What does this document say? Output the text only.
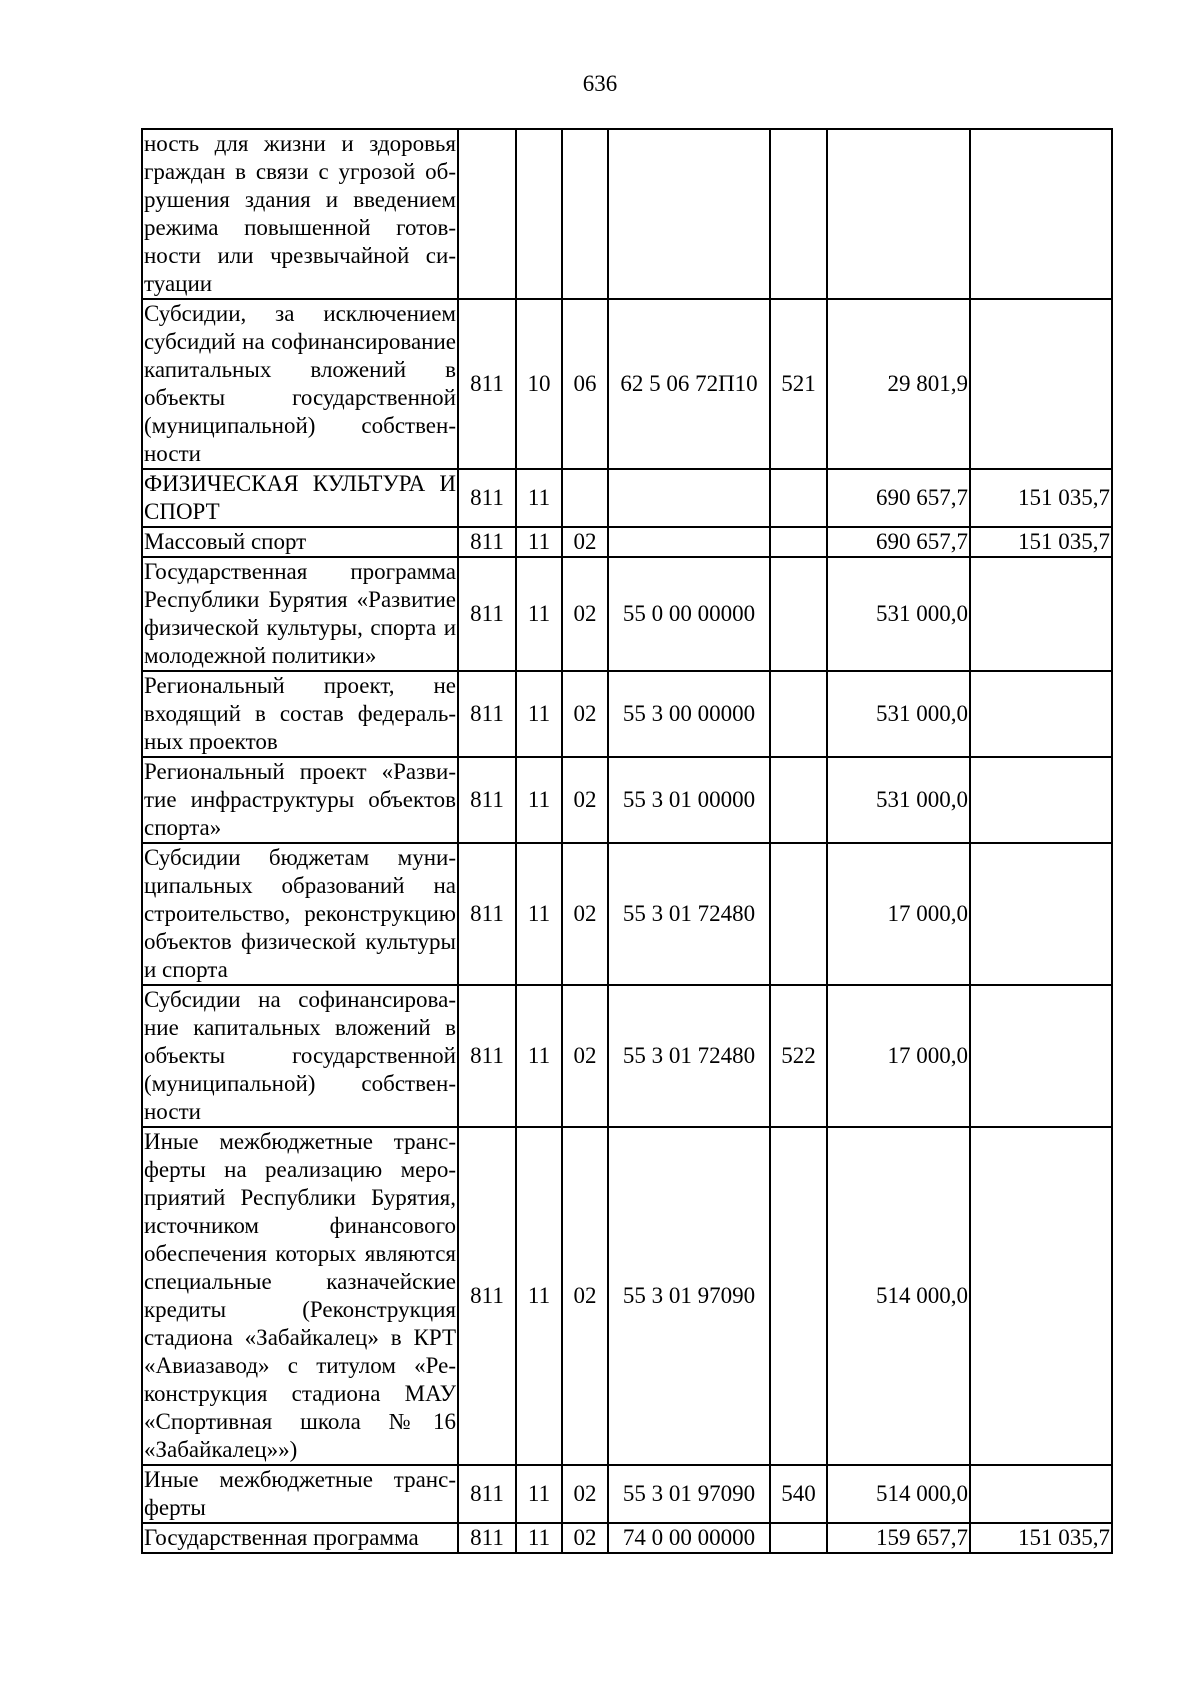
636
ность для жизни и здоровья граждан в связи с угрозой обрушения здания и введением режима повышенной готовности или чрезвычайной ситуации							
Субсидии, за исключением субсидий на софинансирование капитальных вложений в объекты государственной (муниципальной) собственности	811	10	06	62 5 06 72П10	521	29 801,9	
ФИЗИЧЕСКАЯ КУЛЬТУРА И СПОРТ	811	11				690 657,7	151 035,7
Массовый спорт	811	11	02			690 657,7	151 035,7
Государственная программа Республики Бурятия «Развитие физической культуры, спорта и молодежной политики»	811	11	02	55 0 00 00000		531 000,0	
Региональный проект, не входящий в состав федеральных проектов	811	11	02	55 3 00 00000		531 000,0	
Региональный проект «Развитие инфраструктуры объектов спорта»	811	11	02	55 3 01 00000		531 000,0	
Субсидии бюджетам муниципальных образований на строительство, реконструкцию объектов физической культуры и спорта	811	11	02	55 3 01 72480		17 000,0	
Субсидии на софинансирование капитальных вложений в объекты государственной (муниципальной) собственности	811	11	02	55 3 01 72480	522	17 000,0	
Иные межбюджетные трансферты на реализацию мероприятий Республики Бурятия, источником финансового обеспечения которых являются специальные казначейские кредиты (Реконструкция стадиона «Забайкалец» в КРТ «Авиазавод» с титулом «Реконструкция стадиона МАУ «Спортивная школа №16 «Забайкалец»»)	811	11	02	55 3 01 97090		514 000,0	
Иные межбюджетные трансферты	811	11	02	55 3 01 97090	540	514 000,0	
Государственная программа	811	11	02	74 0 00 00000		159 657,7	151 035,7
